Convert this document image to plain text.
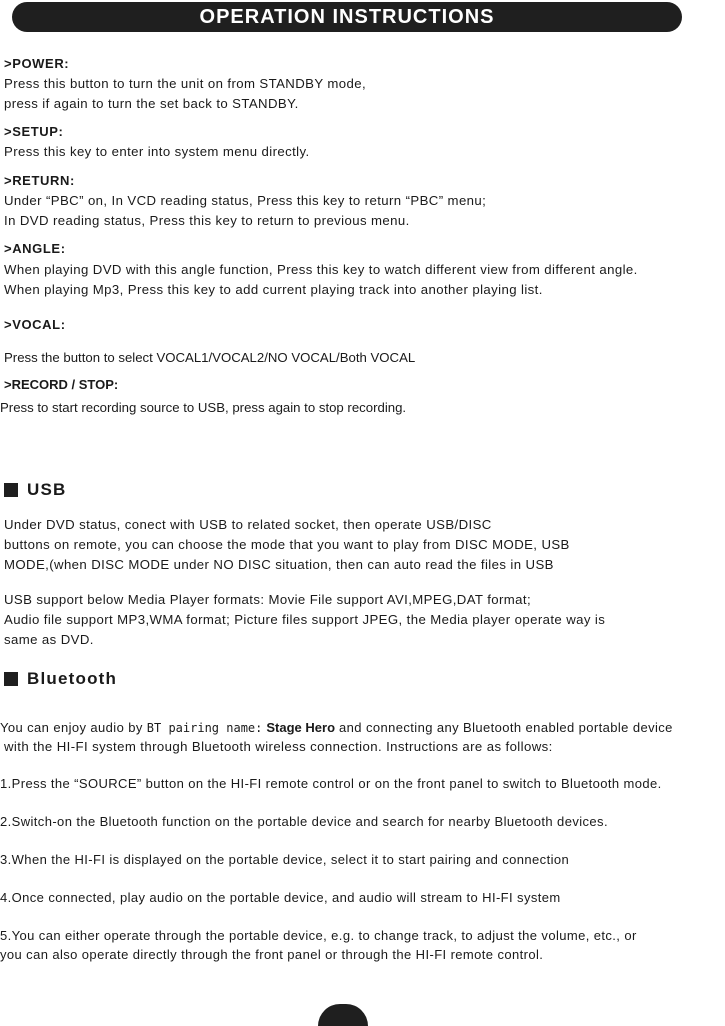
OPERATION INSTRUCTIONS
>POWER:
Press this button to turn the unit on from STANDBY mode,
press if again to turn the set back to STANDBY.
>SETUP:
Press this key to enter into system menu directly.
>RETURN:
Under “PBC” on, In VCD reading status, Press this key to return “PBC” menu;
In DVD reading status, Press this key to return to previous menu.
>ANGLE:
When playing DVD with this angle function, Press this key to watch different view from different angle.
When playing Mp3, Press this key to add current playing track into another playing list.
>VOCAL:
Press the button to select VOCAL1/VOCAL2/NO VOCAL/Both VOCAL
>RECORD / STOP:
Press to start recording source to USB, press again to stop recording.
USB
Under DVD status, conect with USB to related socket, then operate USB/DISC
buttons on remote, you can choose the mode that you want to play from DISC MODE, USB
MODE,(when DISC MODE under NO DISC situation, then can auto read the files in USB
USB support below Media Player formats: Movie File support AVI,MPEG,DAT format;
Audio file support MP3,WMA format; Picture files support JPEG, the Media player operate way is
same as DVD.
Bluetooth
You can enjoy audio by BT pairing name: Stage Hero and connecting any Bluetooth enabled portable device
with the HI-FI system through Bluetooth wireless connection. Instructions are as follows:
1.Press the “SOURCE” button on the HI-FI remote control or on the front panel to switch to Bluetooth mode.
2.Switch-on the Bluetooth function on the portable device and search for nearby Bluetooth devices.
3.When the HI-FI is displayed on the portable device, select it to start pairing and connection
4.Once connected, play audio on the portable device, and audio will stream to HI-FI system
5.You can either operate through the portable device, e.g. to change track, to adjust the volume, etc., or
you can also operate directly through the front panel or through the HI-FI remote control.
